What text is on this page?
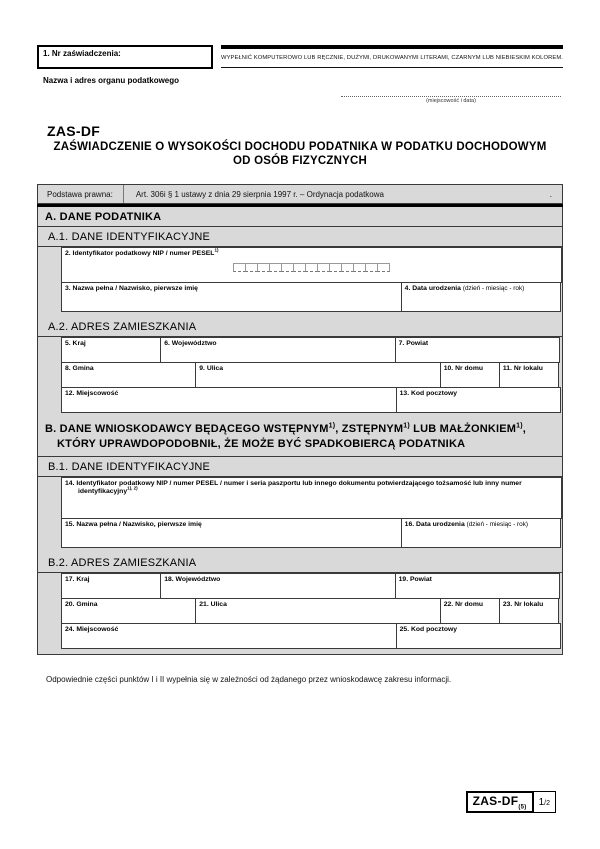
1. Nr zaświadczenia:	WYPEŁNIĆ KOMPUTEROWO LUB RĘCZNIE, DUŻYMI, DRUKOWANYMI LITERAMI, CZARNYM LUB NIEBIESKIM KOLOREM.
Nazwa i adres organu podatkowego
(miejscowość i data)
ZAS-DF
ZAŚWIADCZENIE O WYSOKOŚCI DOCHODU PODATNIKA W PODATKU DOCHODOWYM
OD OSÓB FIZYCZNYCH
Podstawa prawna:	Art. 306i § 1 ustawy z dnia 29 sierpnia 1997 r. – Ordynacja podatkowa	.
A. DANE PODATNIKA
A.1. DANE IDENTYFIKACYJNE
2. Identyfikator podatkowy NIP / numer PESEL$^{1)}$
3. Nazwa pełna / Nazwisko, pierwsze imię	4. Data urodzenia (dzień - miesiąc - rok)
A.2. ADRES ZAMIESZKANIA
5. Kraj	6. Województwo	7. Powiat
8. Gmina	9. Ulica	10. Nr domu	11. Nr lokalu
12. Miejscowość	13. Kod pocztowy
B. DANE WNIOSKODAWCY BĘDĄCEGO WSTĘPNYM$^{1)}$, ZSTĘPNYM$^{1)}$ LUB MAŁŻONKIEM$^{1)}$,
KTÓRY UPRAWDOPODOBNIŁ, ŻE MOŻE BYĆ SPADKOBIERCĄ PODATNIKA
B.1. DANE IDENTYFIKACYJNE
14. Identyfikator podatkowy NIP / numer PESEL / numer i seria paszportu lub innego dokumentu potwierdzającego tożsamość lub inny numer identyfikacyjny$^{1), 2)}$
15. Nazwa pełna / Nazwisko, pierwsze imię	16. Data urodzenia (dzień - miesiąc - rok)
B.2. ADRES ZAMIESZKANIA
17. Kraj	18. Województwo	19. Powiat
20. Gmina	21. Ulica	22. Nr domu	23. Nr lokalu
24. Miejscowość	25. Kod pocztowy
Odpowiednie części punktów I i II wypełnia się w zależności od żądanego przez wnioskodawcę zakresu informacji.
ZAS-$DF_{(5)}$	1 /2
